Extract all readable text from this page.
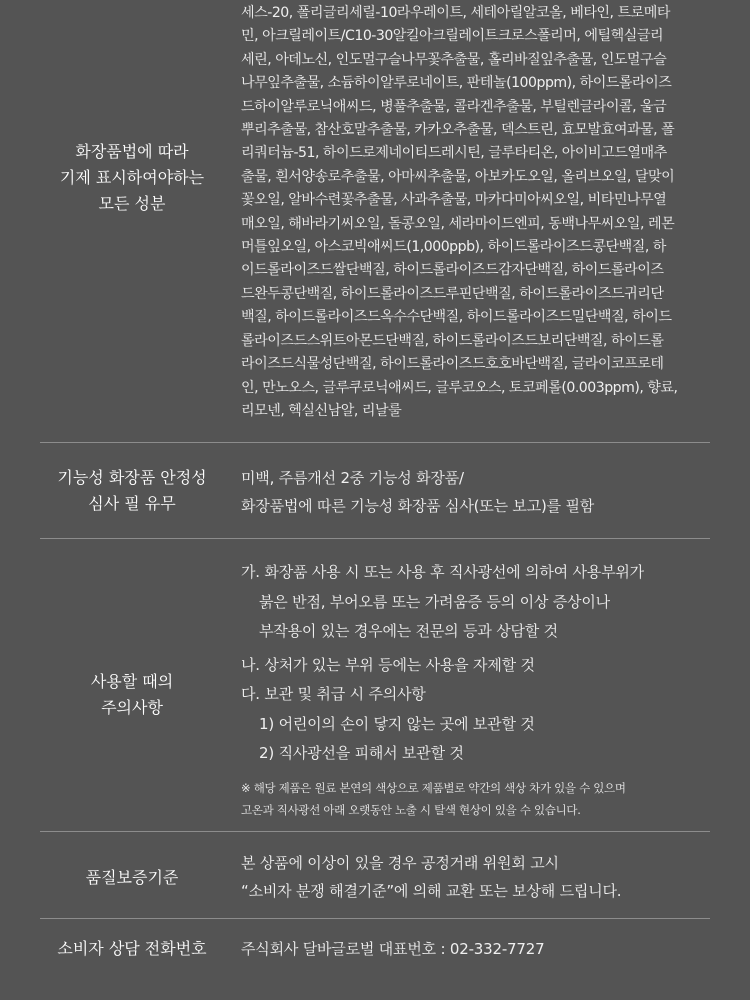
화장품법에 따라
기제 표시하여야하는
모든 성분

세스-20, 폴리글리세릴-10라우레이트, 세테아릴알코올, 베타인, 트로메타

민, 아크릴레이트/C10-30알킬아크릴레이트크로스폴리머, 에틸헥실글리

세린, 아데노신, 인도멀구슬나무꽃추출물, 홀리바질잎추출물, 인도멀구슬

나무잎추출물, 소듐하이알루로네이트, 판테놀(100ppm), 하이드롤라이즈

드하이알루로닉애씨드, 병풀추출물, 콜라겐추출물, 부틸렌글라이콜, 울금

뿌리추출물, 참산호말추출물, 카카오추출물, 덱스트린, 효모발효여과물, 폴

리쿼터늄-51, 하이드로제네이티드레시틴, 글루타티온, 아이비고드열매추

출물, 흰서양송로추출물, 아마씨추출물, 아보카도오일, 올리브오일, 달맞이

꽃오일, 알바수련꽃추출물, 사과추출물, 마카다미아씨오일, 비타민나무열

매오일, 해바라기씨오일, 돌콩오일, 세라마이드엔피, 동백나무씨오일, 레몬

머틀잎오일, 아스코빅애씨드(1,000ppb), 하이드롤라이즈드콩단백질, 하

이드롤라이즈드쌀단백질, 하이드롤라이즈드감자단백질, 하이드롤라이즈

드완두콩단백질, 하이드롤라이즈드루핀단백질, 하이드롤라이즈드귀리단

백질, 하이드롤라이즈드옥수수단백질, 하이드롤라이즈드밀단백질, 하이드

롤라이즈드스위트아몬드단백질, 하이드롤라이즈드보리단백질, 하이드롤

라이즈드식물성단백질, 하이드롤라이즈드호호바단백질, 글라이코프로테

인, 만노오스, 글루쿠로닉애씨드, 글루코오스, 토코페롤(0.003ppm), 향료,

리모넨, 헥실신남알, 리날룰

기능성 화장품 안정성
심사 필 유무

미백, 주름개선 2중 기능성 화장품/

화장품법에 따른 기능성 화장품 심사(또는 보고)를 필함

사용할 때의
주의사항

가. 화장품 사용 시 또는 사용 후 직사광선에 의하여 사용부위가

붉은 반점, 부어오름 또는 가려움증 등의 이상 증상이나

부작용이 있는 경우에는 전문의 등과 상담할 것

나. 상처가 있는 부위 등에는 사용을 자제할 것

다. 보관 및 취급 시 주의사항

1) 어린이의 손이 닿지 않는 곳에 보관할 것

2) 직사광선을 피해서 보관할 것

※ 해당 제품은 원료 본연의 색상으로 제품별로 약간의 색상 차가 있을 수 있으며

고온과 직사광선 아래 오랫동안 노출 시 탈색 현상이 있을 수 있습니다.

품질보증기준

본 상품에 이상이 있을 경우 공정거래 위원회 고시

“소비자 분쟁 해결기준”에 의해 교환 또는 보상해 드립니다.

소비자 상담 전화번호	주식회사 달바글로벌 대표번호 : 02-332-7727
